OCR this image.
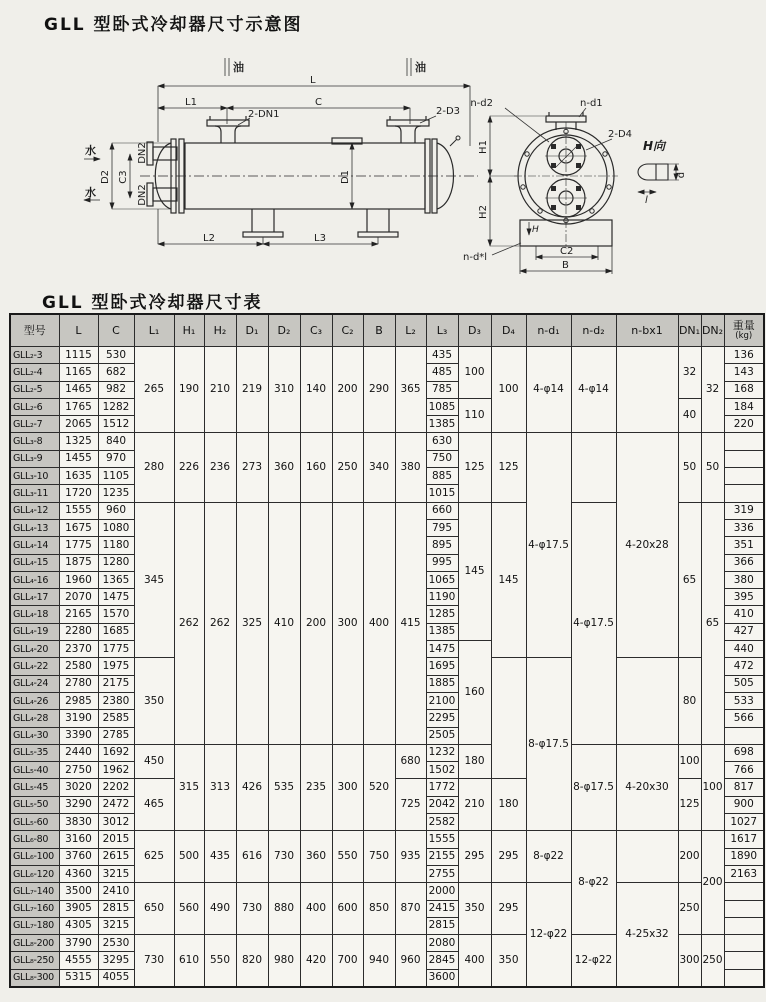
GLL 型卧式冷却器尺寸示意图
油	油
L
L1	C
2-DN1	2-D3
D2 C3
DN2
DN2
水
水
D1
L2	L3
n-d2	n-d1
2-D4
H1
H2
H
C2
B
n-d*l
H向
d
l
GLL 型卧式冷却器尺寸表
型号	L	C	L₁	H₁	H₂	D₁	D₂	C₃	C₂	B	L₂	L₃	D₃	D₄	n-d₁	n-d₂	n-bx1	DN₁	DN₂	重量
(kg)

GLL₂-3	1115	530	265	190	210	219	310	140	200	290	365	435	100	100	4-φ14	4-φ14		32	32	136
GLL₂-4	1165	682										485								143
GLL₂-5	1465	982										785								168
GLL₂-6	1765	1282										1085	110					40		184
GLL₂-7	2065	1512										1385								220
GLL₃-8	1325	840	280	226	236	273	360	160	250	340	380	630	125	125	4-φ17.5		4-20x28	50	50	
GLL₃-9	1455	970										750								
GLL₃-10	1635	1105										885								
GLL₃-11	1720	1235										1015								
GLL₄-12	1555	960	345	262	262	325	410	200	300	400	415	660	145	145		4-φ17.5		65	65	319
GLL₄-13	1675	1080										795								336
GLL₄-14	1775	1180										895								351
GLL₄-15	1875	1280										995								366
GLL₄-16	1960	1365										1065								380
GLL₄-17	2070	1475										1190								395
GLL₄-18	2165	1570										1285								410
GLL₄-19	2280	1685										1385								427
GLL₄-20	2370	1775										1475	160							440
GLL₄-22	2580	1975	350									1695			8-φ17.5			80		472
GLL₄-24	2780	2175										1885								505
GLL₄-26	2985	2380										2100								533
GLL₄-28	3190	2585										2295								566
GLL₄-30	3390	2785										2505								
GLL₅-35	2440	1692	450	315	313	426	535	235	300	520	680	1232	180			8-φ17.5	4-20x30	100	100	698
GLL₅-40	2750	1962										1502								766
GLL₅-45	3020	2202	465								725	1772	210	180				125		817
GLL₅-50	3290	2472										2042								900
GLL₅-60	3830	3012										2582								1027
GLL₆-80	3160	2015	625	500	435	616	730	360	550	750	935	1555	295	295	8-φ22	8-φ22		200	200	1617
GLL₆-100	3760	2615										2155								1890
GLL₆-120	4360	3215										2755								2163
GLL₇-140	3500	2410	650	560	490	730	880	400	600	850	870	2000	350	295	12-φ22		4-25x32	250		
GLL₇-160	3905	2815										2415								
GLL₇-180	4305	3215										2815								
GLL₈-200	3790	2530	730	610	550	820	980	420	700	940	960	2080	400	350		12-φ22		300	250	
GLL₈-250	4555	3295										2845								
GLL₈-300	5315	4055										3600								
